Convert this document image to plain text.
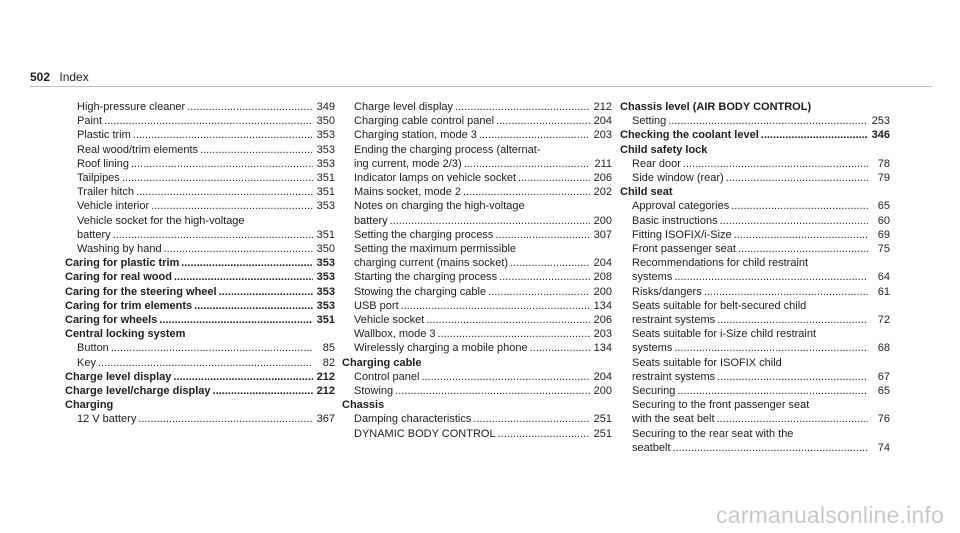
502 Index
High-pressure cleaner .....	349
Paint .....	350
Plastic trim .....	353
Real wood/trim elements .....	353
Roof lining .....	353
Tailpipes .....	351
Trailer hitch .....	351
Vehicle interior .....	353
Vehicle socket for the high-voltage
battery .....	351
Washing by hand .....	350
Caring for plastic trim .....	353
Caring for real wood .....	353
Caring for the steering wheel .....	353
Caring for trim elements .....	353
Caring for wheels .....	351
Central locking system
Button .....	85
Key .....	82
Charge level display .....	212
Charge level/charge display .....	212
Charging
12 V battery .....	367
Charge level display .....	212
Charging cable control panel .....	204
Charging station, mode 3 .....	203
Ending the charging process (alternat-
ing current, mode 2/3) .....	211
Indicator lamps on vehicle socket .....	206
Mains socket, mode 2 .....	202
Notes on charging the high-voltage
battery .....	200
Setting the charging process .....	307
Setting the maximum permissible
charging current (mains socket) .....	204
Starting the charging process .....	208
Stowing the charging cable .....	200
USB port .....	134
Vehicle socket .....	206
Wallbox, mode 3 .....	203
Wirelessly charging a mobile phone .....	134
Charging cable
Control panel .....	204
Stowing .....	200
Chassis
Damping characteristics .....	251
DYNAMIC BODY CONTROL .....	251
Chassis level (AIR BODY CONTROL)
Setting .....	253
Checking the coolant level .....	346
Child safety lock
Rear door .....	78
Side window (rear) .....	79
Child seat
Approval categories .....	65
Basic instructions .....	60
Fitting ISOFIX/i-Size .....	69
Front passenger seat .....	75
Recommendations for child restraint
systems .....	64
Risks/dangers .....	61
Seats suitable for belt-secured child
restraint systems .....	72
Seats suitable for i-Size child restraint
systems .....	68
Seats suitable for ISOFIX child
restraint systems .....	67
Securing .....	65
Securing to the front passenger seat
with the seat belt .....	76
Securing to the rear seat with the
seatbelt .....	74
carmanualsonline.info
